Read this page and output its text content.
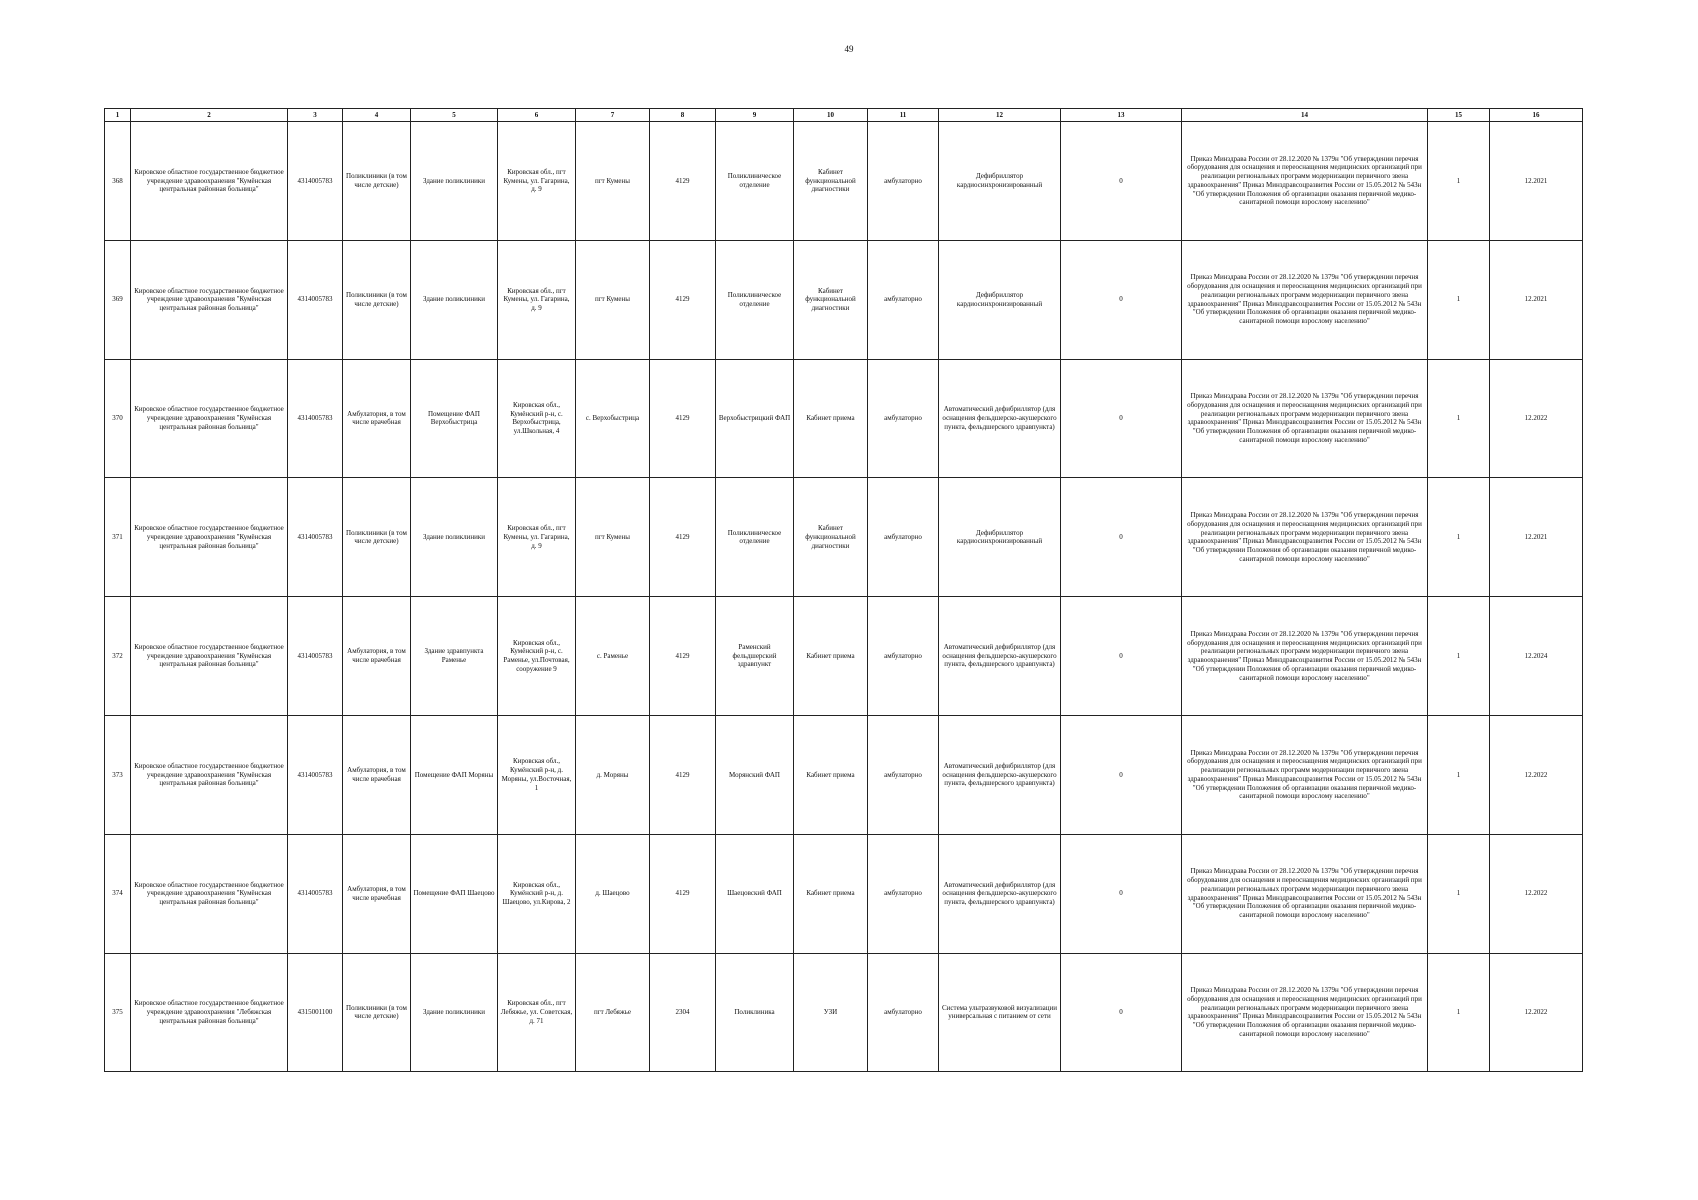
49
1	2	3	4	5	6	7	8	9	10	11	12	13	14	15	16
368	Кировское областное государственное бюджетное учреждение здравоохранения "Кумёнская центральная районная больница"	4314005783	Поликлиники (в том числе детские)	Здание поликлиники	Кировская обл., пгт Кумены, ул. Гагарина, д. 9	пгт Кумены	4129	Поликлиническое отделение	Кабинет функциональной диагностики	амбулаторно	Дефибриллятор кардиосинхронизированный	0	Приказ Минздрава России от 28.12.2020 № 1379н "Об утверждении перечня оборудования для оснащения и переоснащения медицинских организаций при реализации региональных программ модернизации первичного звена здравоохранения" Приказ Минздравсоцразвития России от 15.05.2012 № 543н "Об утверждении Положения об организации оказания первичной медико-санитарной помощи взрослому населению"	1	12.2021
369	Кировское областное государственное бюджетное учреждение здравоохранения "Кумёнская центральная районная больница"	4314005783	Поликлиники (в том числе детские)	Здание поликлиники	Кировская обл., пгт Кумены, ул. Гагарина, д. 9	пгт Кумены	4129	Поликлиническое отделение	Кабинет функциональной диагностики	амбулаторно	Дефибриллятор кардиосинхронизированный	0	Приказ Минздрава России от 28.12.2020 № 1379н "Об утверждении перечня оборудования для оснащения и переоснащения медицинских организаций при реализации региональных программ модернизации первичного звена здравоохранения" Приказ Минздравсоцразвития России от 15.05.2012 № 543н "Об утверждении Положения об организации оказания первичной медико-санитарной помощи взрослому населению"	1	12.2021
370	Кировское областное государственное бюджетное учреждение здравоохранения "Кумёнская центральная районная больница"	4314005783	Амбулатория, в том числе врачебная	Помещение ФАП Верхобыстрица	Кировская обл., Кумёнский р-н, с. Верхобыстрица, ул.Школьная, 4	с. Верхобыстрица	4129	Верхобыстрицкий ФАП	Кабинет приема	амбулаторно	Автоматический дефибриллятор (для оснащения фельдшерско-акушерского пункта, фельдшерского здравпункта)	0	Приказ Минздрава России от 28.12.2020 № 1379н "Об утверждении перечня оборудования для оснащения и переоснащения медицинских организаций при реализации региональных программ модернизации первичного звена здравоохранения" Приказ Минздравсоцразвития России от 15.05.2012 № 543н "Об утверждении Положения об организации оказания первичной медико-санитарной помощи взрослому населению"	1	12.2022
371	Кировское областное государственное бюджетное учреждение здравоохранения "Кумёнская центральная районная больница"	4314005783	Поликлиники (в том числе детские)	Здание поликлиники	Кировская обл., пгт Кумены, ул. Гагарина, д. 9	пгт Кумены	4129	Поликлиническое отделение	Кабинет функциональной диагностики	амбулаторно	Дефибриллятор кардиосинхронизированный	0	Приказ Минздрава России от 28.12.2020 № 1379н "Об утверждении перечня оборудования для оснащения и переоснащения медицинских организаций при реализации региональных программ модернизации первичного звена здравоохранения" Приказ Минздравсоцразвития России от 15.05.2012 № 543н "Об утверждении Положения об организации оказания первичной медико-санитарной помощи взрослому населению"	1	12.2021
372	Кировское областное государственное бюджетное учреждение здравоохранения "Кумёнская центральная районная больница"	4314005783	Амбулатория, в том числе врачебная	Здание здравпункта Раменье	Кировская обл., Кумёнский р-н, с. Раменье, ул.Почтовая, сооружение 9	с. Раменье	4129	Раменский фельдшерский здравпункт	Кабинет приема	амбулаторно	Автоматический дефибриллятор (для оснащения фельдшерско-акушерского пункта, фельдшерского здравпункта)	0	Приказ Минздрава России от 28.12.2020 № 1379н "Об утверждении перечня оборудования для оснащения и переоснащения медицинских организаций при реализации региональных программ модернизации первичного звена здравоохранения" Приказ Минздравсоцразвития России от 15.05.2012 № 543н "Об утверждении Положения об организации оказания первичной медико-санитарной помощи взрослому населению"	1	12.2024
373	Кировское областное государственное бюджетное учреждение здравоохранения "Кумёнская центральная районная больница"	4314005783	Амбулатория, в том числе врачебная	Помещение ФАП Моряны	Кировская обл., Кумёнский р-н, д. Моряны, ул.Восточная, 1	д. Моряны	4129	Морянский ФАП	Кабинет приема	амбулаторно	Автоматический дефибриллятор (для оснащения фельдшерско-акушерского пункта, фельдшерского здравпункта)	0	Приказ Минздрава России от 28.12.2020 № 1379н "Об утверждении перечня оборудования для оснащения и переоснащения медицинских организаций при реализации региональных программ модернизации первичного звена здравоохранения" Приказ Минздравсоцразвития России от 15.05.2012 № 543н "Об утверждении Положения об организации оказания первичной медико-санитарной помощи взрослому населению"	1	12.2022
374	Кировское областное государственное бюджетное учреждение здравоохранения "Кумёнская центральная районная больница"	4314005783	Амбулатория, в том числе врачебная	Помещение ФАП Шаецово	Кировская обл., Кумёнский р-н, д. Шаецово, ул.Кирова, 2	д. Шаецово	4129	Шаецовский ФАП	Кабинет приема	амбулаторно	Автоматический дефибриллятор (для оснащения фельдшерско-акушерского пункта, фельдшерского здравпункта)	0	Приказ Минздрава России от 28.12.2020 № 1379н "Об утверждении перечня оборудования для оснащения и переоснащения медицинских организаций при реализации региональных программ модернизации первичного звена здравоохранения" Приказ Минздравсоцразвития России от 15.05.2012 № 543н "Об утверждении Положения об организации оказания первичной медико-санитарной помощи взрослому населению"	1	12.2022
375	Кировское областное государственное бюджетное учреждение здравоохранения "Лебяжская центральная районная больница"	4315001100	Поликлиники (в том числе детские)	Здание поликлиники	Кировская обл., пгт Лебяжье, ул. Советская, д. 71	пгт Лебяжье	2304	Поликлиника	УЗИ	амбулаторно	Система ультразвуковой визуализации универсальная с питанием от сети	0	Приказ Минздрава России от 28.12.2020 № 1379н "Об утверждении перечня оборудования для оснащения и переоснащения медицинских организаций при реализации региональных программ модернизации первичного звена здравоохранения" Приказ Минздравсоцразвития России от 15.05.2012 № 543н "Об утверждении Положения об организации оказания первичной медико-санитарной помощи взрослому населению"	1	12.2022
